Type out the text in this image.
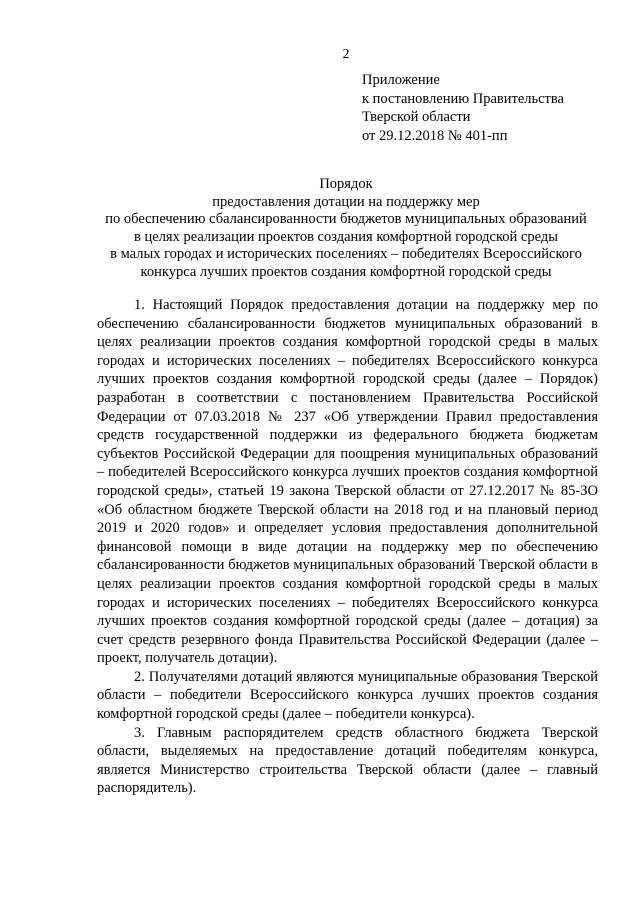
2
Приложение
к постановлению Правительства
Тверской области
от 29.12.2018 № 401-пп
Порядок
предоставления дотации на поддержку мер
по обеспечению сбалансированности бюджетов муниципальных образований
в целях реализации проектов создания комфортной городской среды
в малых городах и исторических поселениях – победителях Всероссийского
конкурса лучших проектов создания комфортной городской среды

1. Настоящий Порядок предоставления дотации на поддержку мер по обеспечению сбалансированности бюджетов муниципальных образований в целях реализации проектов создания комфортной городской среды в малых городах и исторических поселениях – победителях Всероссийского конкурса лучших проектов создания комфортной городской среды (далее – Порядок) разработан в соответствии с постановлением Правительства Российской Федерации от 07.03.2018 № 237 «Об утверждении Правил предоставления средств государственной поддержки из федерального бюджета бюджетам субъектов Российской Федерации для поощрения муниципальных образований – победителей Всероссийского конкурса лучших проектов создания комфортной городской среды», статьей 19 закона Тверской области от 27.12.2017 № 85-ЗО «Об областном бюджете Тверской области на 2018 год и на плановый период 2019 и 2020 годов» и определяет условия предоставления дополнительной финансовой помощи в виде дотации на поддержку мер по обеспечению сбалансированности бюджетов муниципальных образований Тверской области в целях реализации проектов создания комфортной городской среды в малых городах и исторических поселениях – победителях Всероссийского конкурса лучших проектов создания комфортной городской среды (далее – дотация) за счет средств резервного фонда Правительства Российской Федерации (далее – проект, получатель дотации).

2. Получателями дотаций являются муниципальные образования Тверской области – победители Всероссийского конкурса лучших проектов создания комфортной городской среды (далее – победители конкурса).

3. Главным распорядителем средств областного бюджета Тверской области, выделяемых на предоставление дотаций победителям конкурса, является Министерство строительства Тверской области (далее – главный распорядитель).
